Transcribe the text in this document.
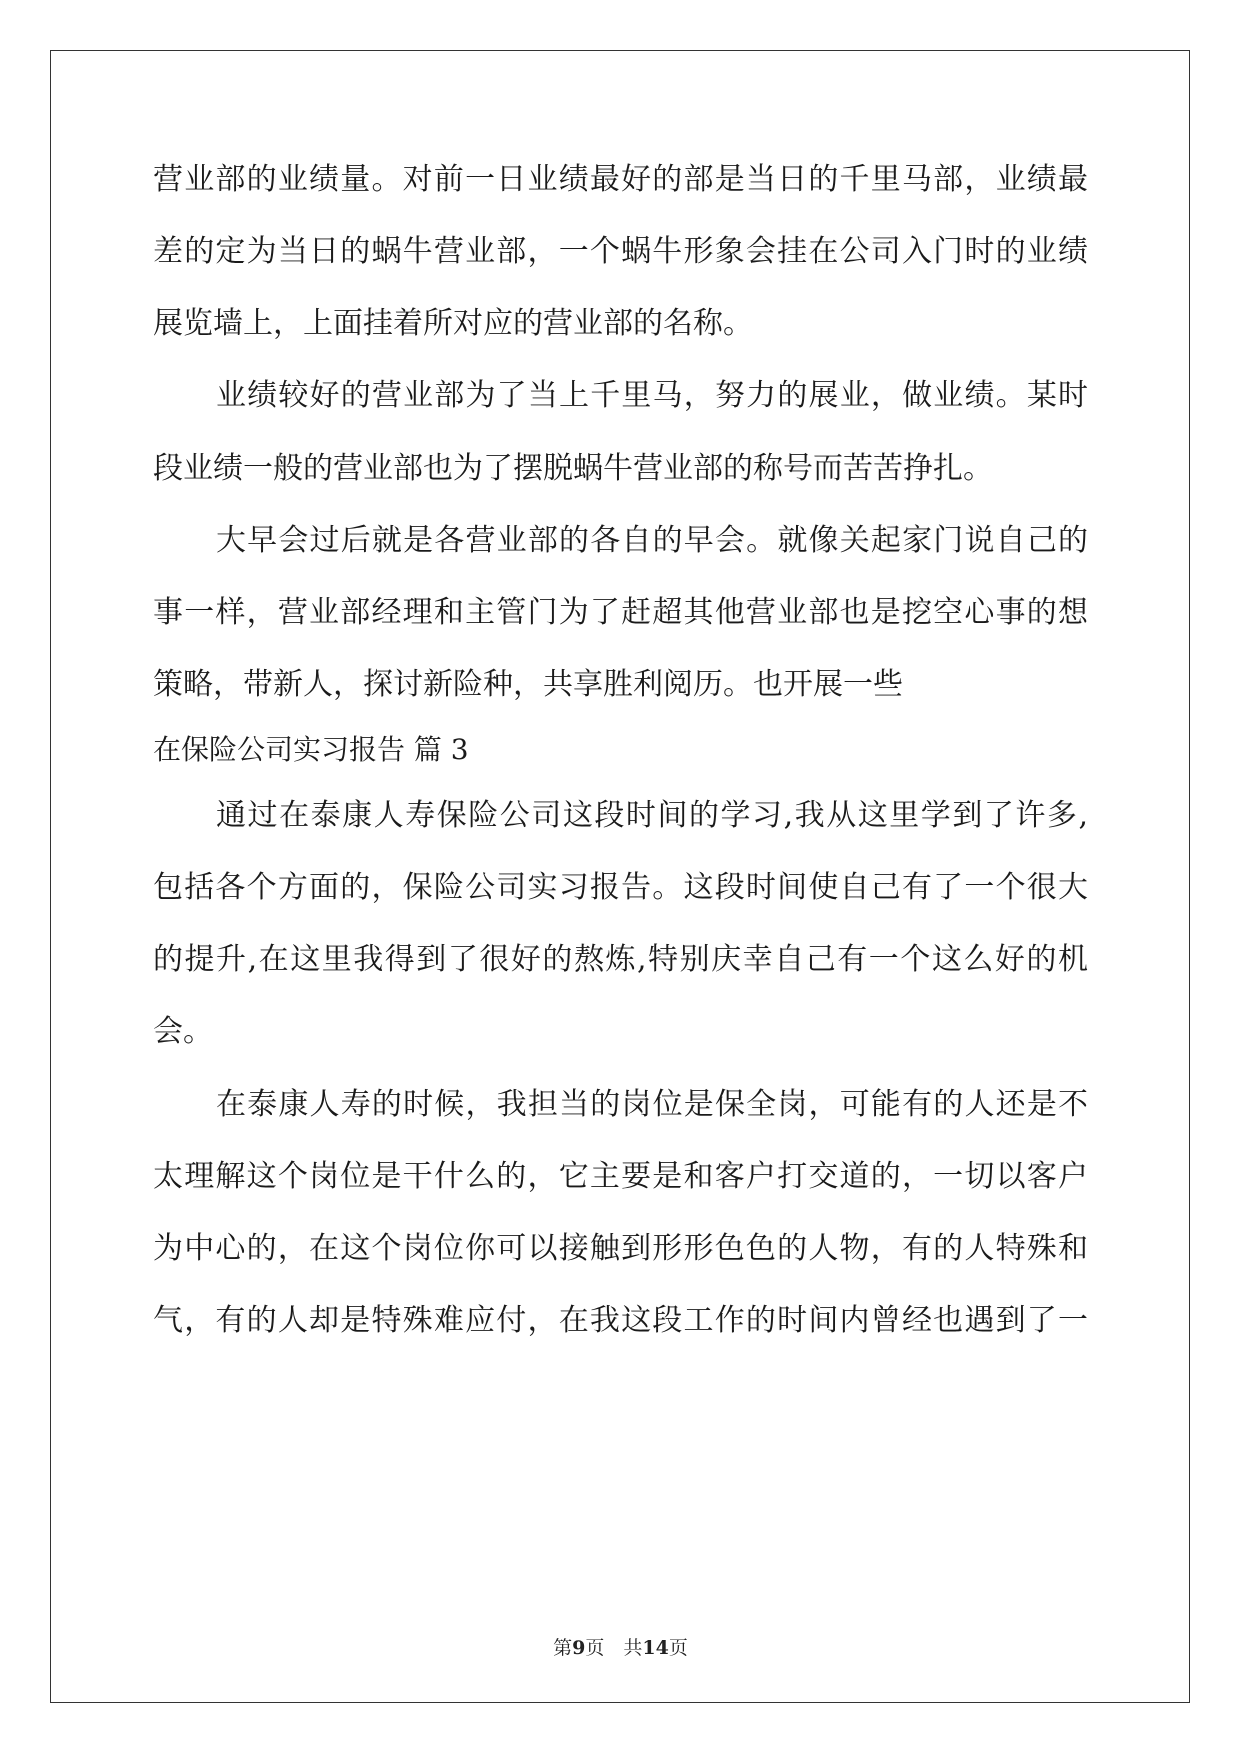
营业部的业绩量。对前一日业绩最好的部是当日的千里马部，业绩最
差的定为当日的蜗牛营业部，一个蜗牛形象会挂在公司入门时的业绩
展览墙上，上面挂着所对应的营业部的名称。
业绩较好的营业部为了当上千里马，努力的展业，做业绩。某时
段业绩一般的营业部也为了摆脱蜗牛营业部的称号而苦苦挣扎。
大早会过后就是各营业部的各自的早会。就像关起家门说自己的
事一样，营业部经理和主管门为了赶超其他营业部也是挖空心事的想
策略，带新人，探讨新险种，共享胜利阅历。也开展一些
在保险公司实习报告 篇 3
通过在泰康人寿保险公司这段时间的学习,我从这里学到了许多,
包括各个方面的，保险公司实习报告。这段时间使自己有了一个很大
的提升,在这里我得到了很好的熬炼,特别庆幸自己有一个这么好的机
会。
在泰康人寿的时候，我担当的岗位是保全岗，可能有的人还是不
太理解这个岗位是干什么的，它主要是和客户打交道的，一切以客户
为中心的，在这个岗位你可以接触到形形色色的人物，有的人特殊和
气，有的人却是特殊难应付，在我这段工作的时间内曾经也遇到了一
第9页　共14页
